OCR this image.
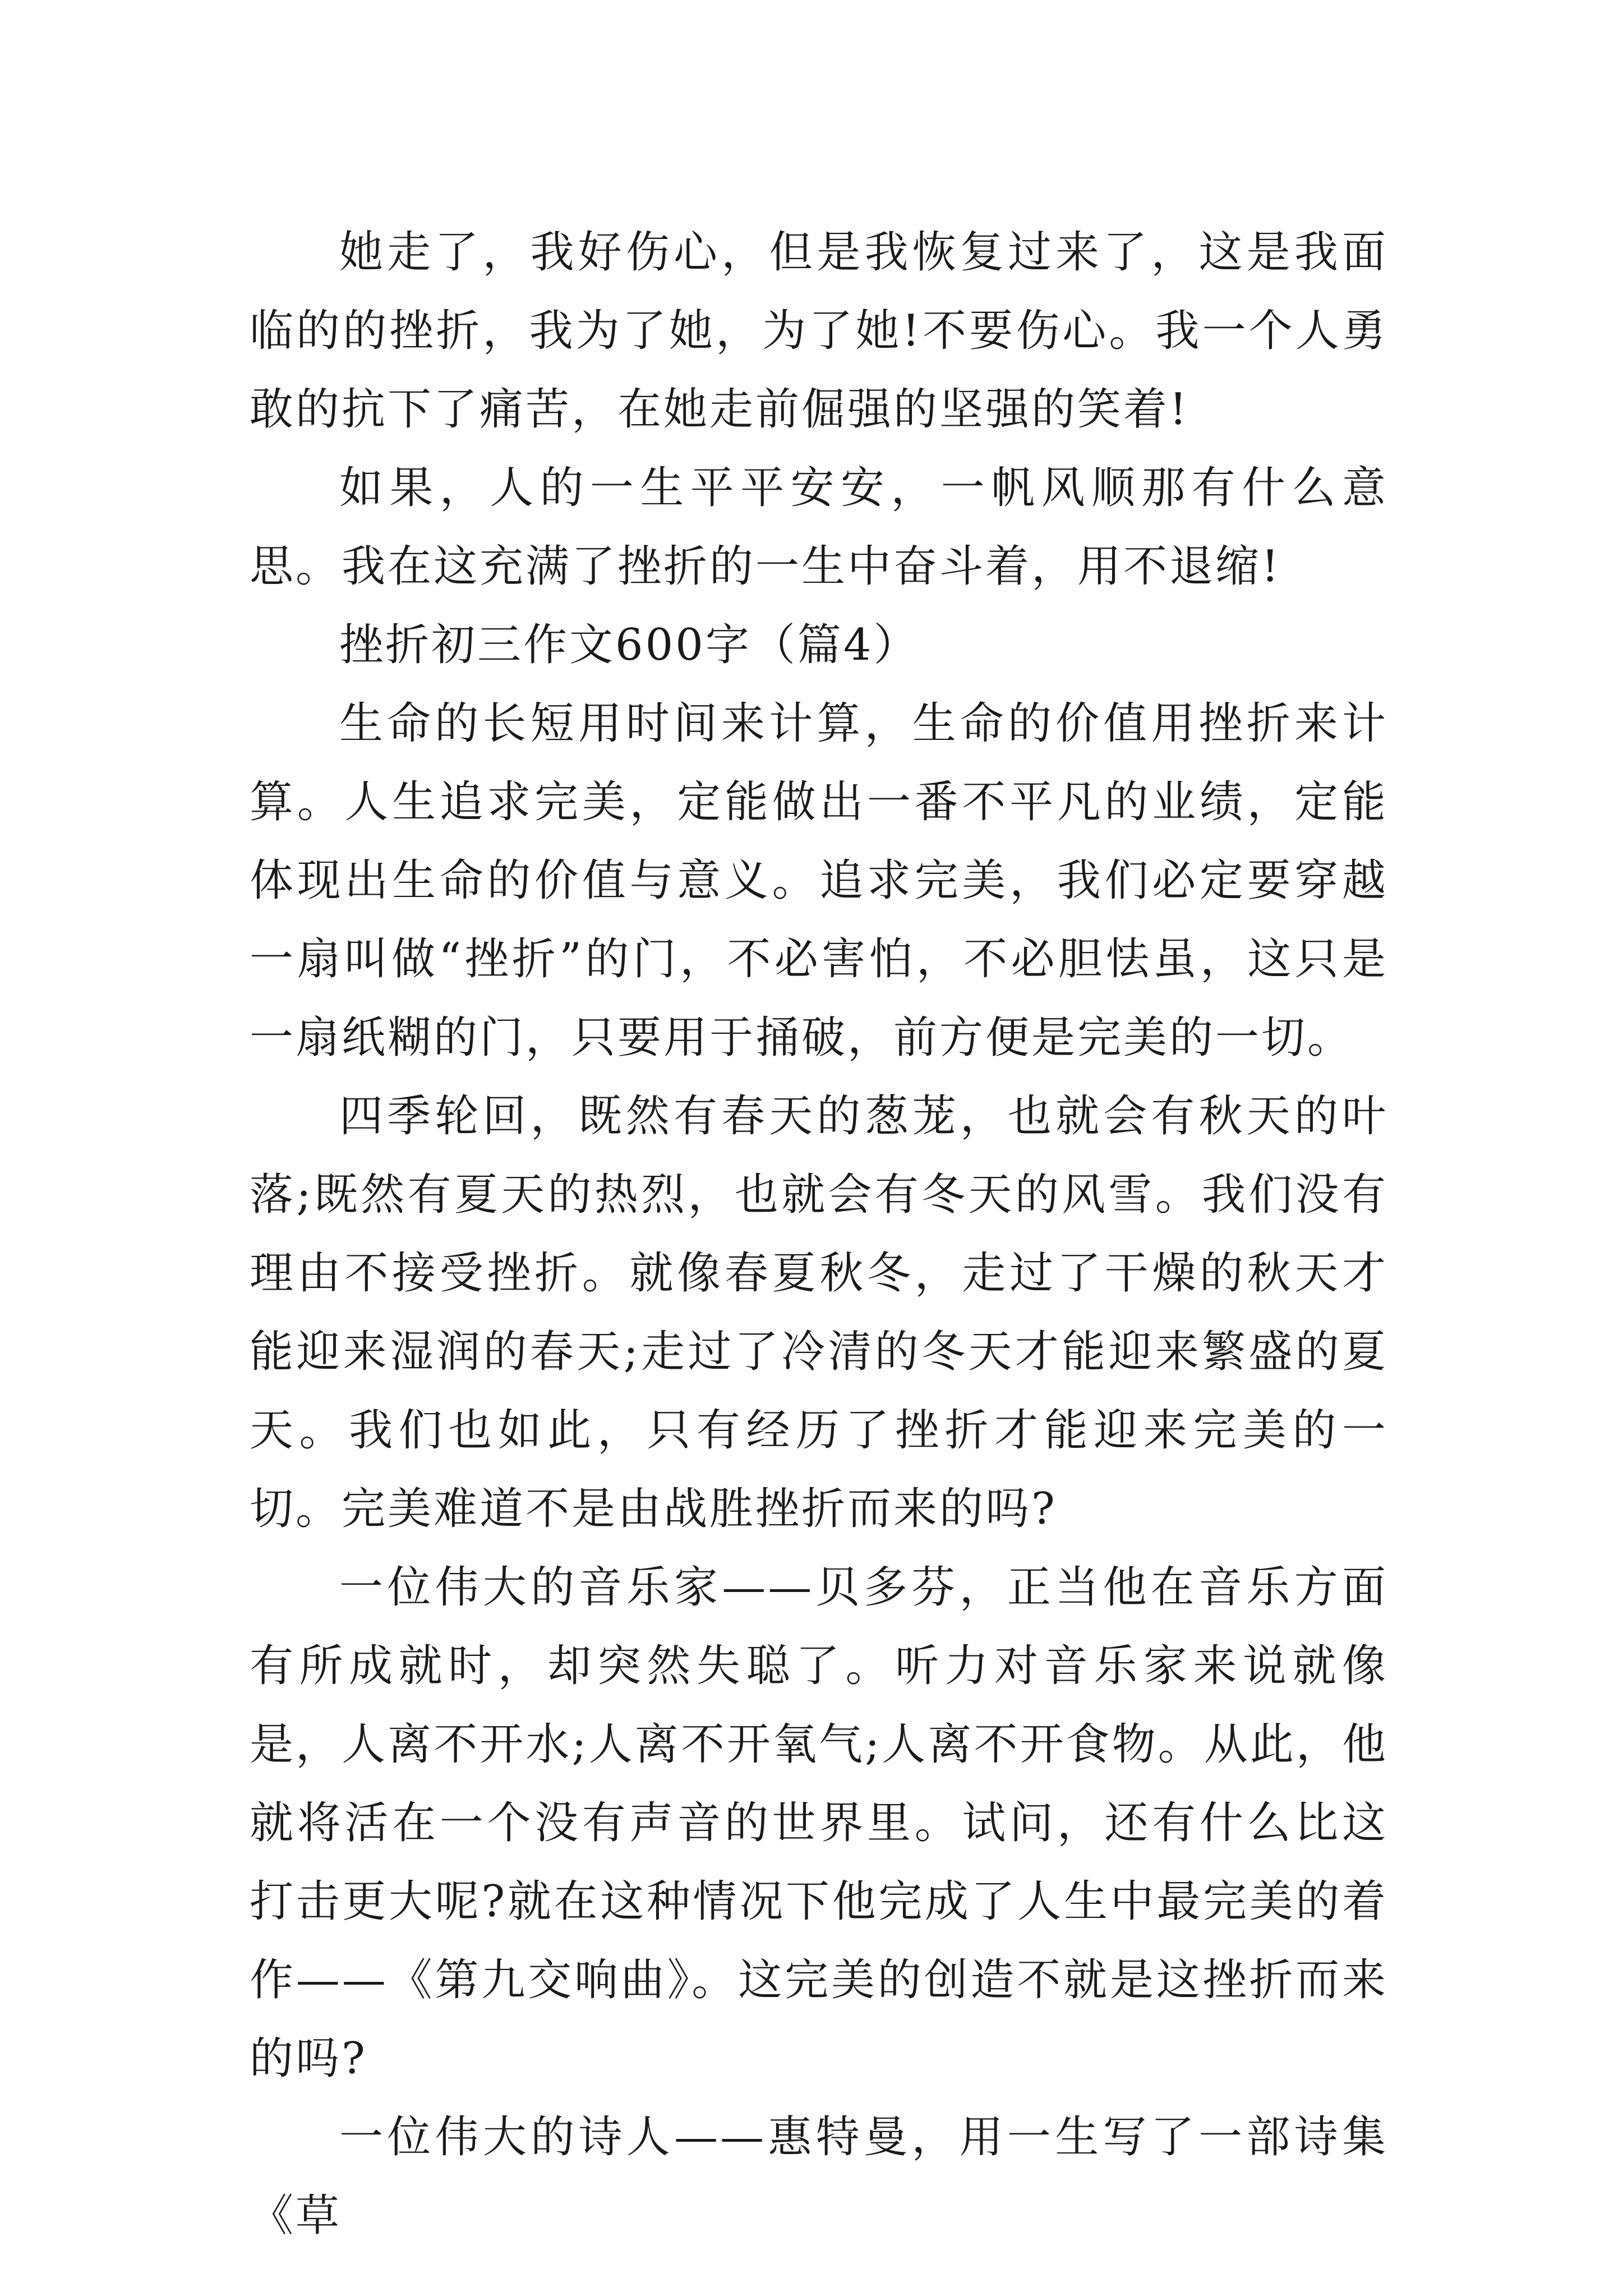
她走了，我好伤心，但是我恢复过来了，这是我面临的的挫折，我为了她，为了她!不要伤心。我一个人勇敢的抗下了痛苦，在她走前倔强的坚强的笑着!

如果，人的一生平平安安，一帆风顺那有什么意思。我在这充满了挫折的一生中奋斗着，用不退缩!

挫折初三作文600字（篇4）

生命的长短用时间来计算，生命的价值用挫折来计算。人生追求完美，定能做出一番不平凡的业绩，定能体现出生命的价值与意义。追求完美，我们必定要穿越一扇叫做“挫折”的门，不必害怕，不必胆怯虽，这只是一扇纸糊的门，只要用于捅破，前方便是完美的一切。

四季轮回，既然有春天的葱茏，也就会有秋天的叶落;既然有夏天的热烈，也就会有冬天的风雪。我们没有理由不接受挫折。就像春夏秋冬，走过了干燥的秋天才能迎来湿润的春天;走过了冷清的冬天才能迎来繁盛的夏天。我们也如此，只有经历了挫折才能迎来完美的一切。完美难道不是由战胜挫折而来的吗?

一位伟大的音乐家——贝多芬，正当他在音乐方面有所成就时，却突然失聪了。听力对音乐家来说就像是，人离不开水;人离不开氧气;人离不开食物。从此，他就将活在一个没有声音的世界里。试问，还有什么比这打击更大呢?就在这种情况下他完成了人生中最完美的着作——《第九交响曲》。这完美的创造不就是这挫折而来的吗?

一位伟大的诗人——惠特曼，用一生写了一部诗集《草
